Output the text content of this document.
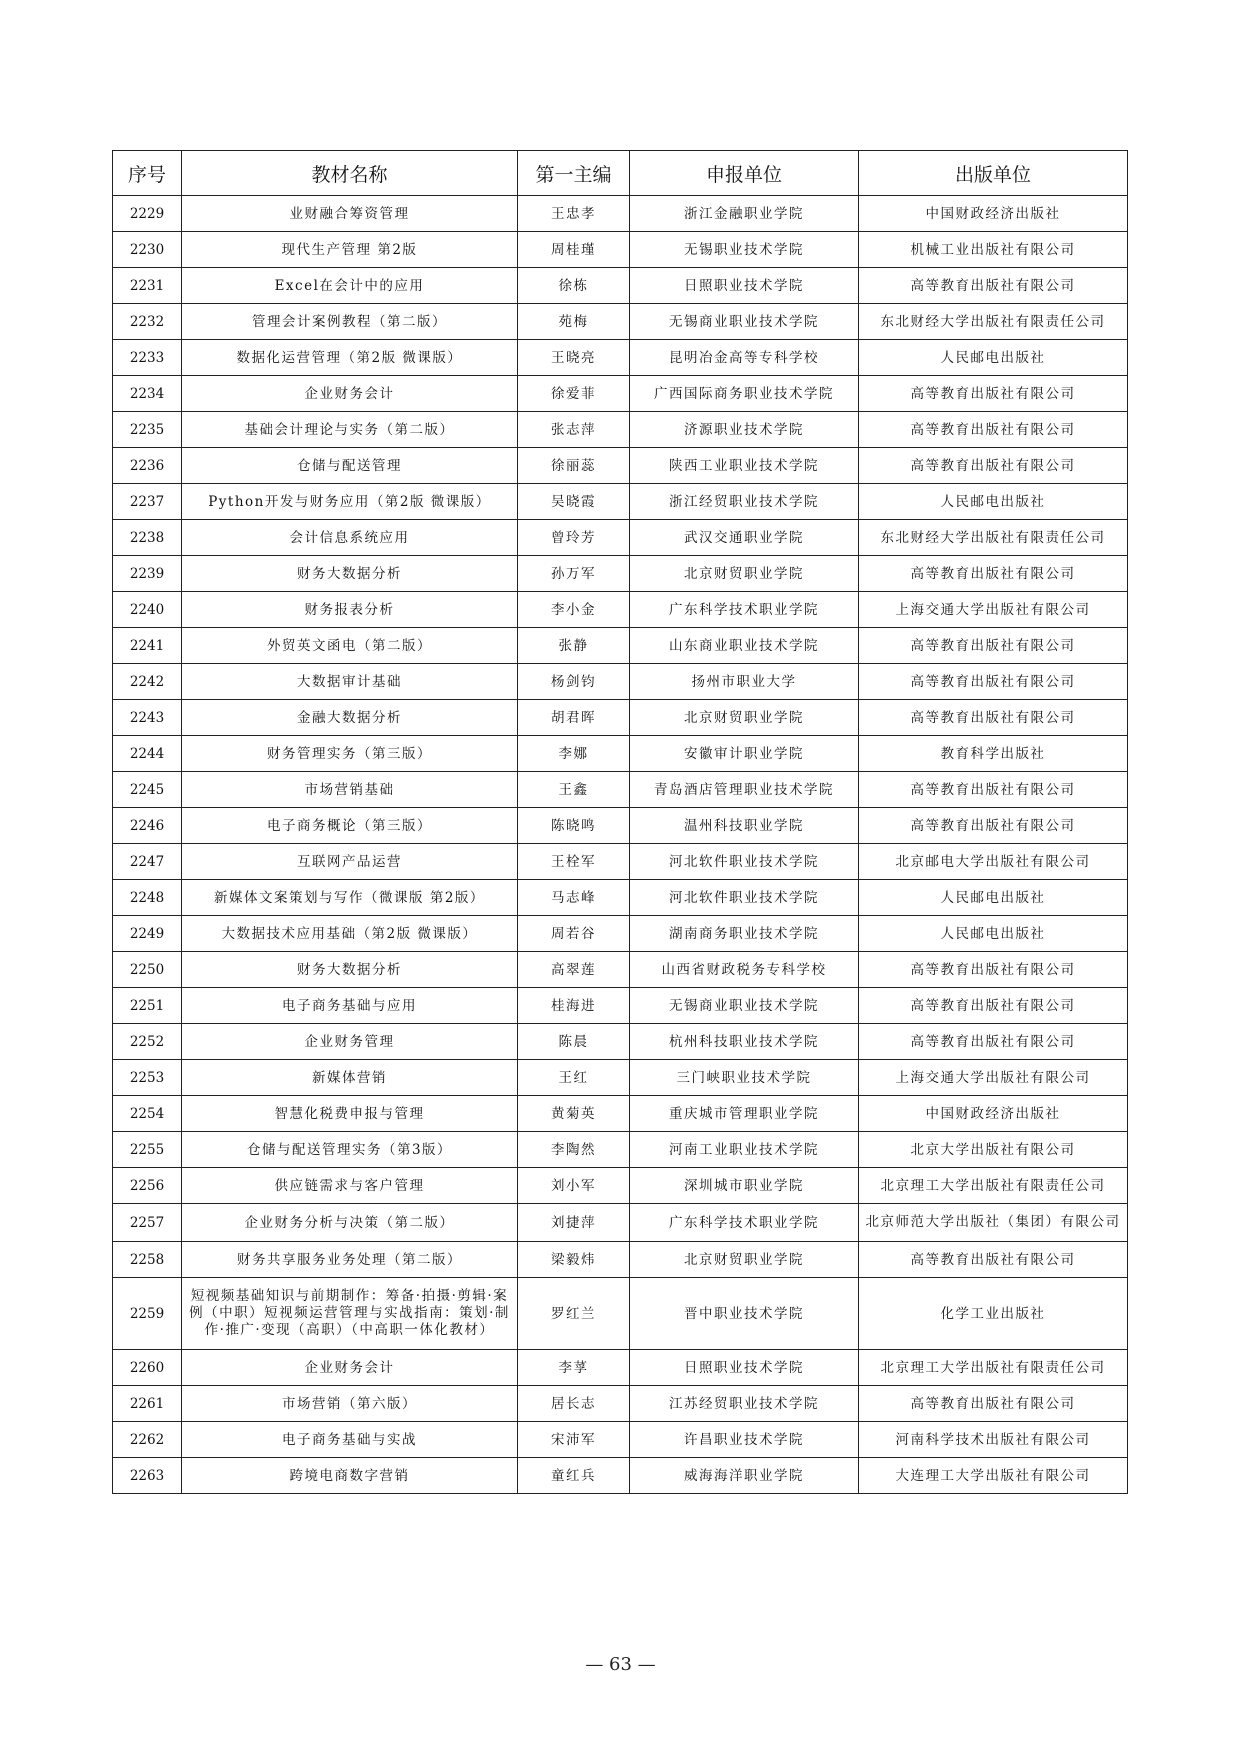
序号	教材名称	第一主编	申报单位	出版单位
2229	业财融合筹资管理	王忠孝	浙江金融职业学院	中国财政经济出版社
2230	现代生产管理 第2版	周桂瑾	无锡职业技术学院	机械工业出版社有限公司
2231	Excel在会计中的应用	徐栋	日照职业技术学院	高等教育出版社有限公司
2232	管理会计案例教程（第二版）	苑梅	无锡商业职业技术学院	东北财经大学出版社有限责任公司
2233	数据化运营管理（第2版 微课版）	王晓亮	昆明冶金高等专科学校	人民邮电出版社
2234	企业财务会计	徐爱菲	广西国际商务职业技术学院	高等教育出版社有限公司
2235	基础会计理论与实务（第二版）	张志萍	济源职业技术学院	高等教育出版社有限公司
2236	仓储与配送管理	徐丽蕊	陕西工业职业技术学院	高等教育出版社有限公司
2237	Python开发与财务应用（第2版 微课版）	吴晓霞	浙江经贸职业技术学院	人民邮电出版社
2238	会计信息系统应用	曾玲芳	武汉交通职业学院	东北财经大学出版社有限责任公司
2239	财务大数据分析	孙万军	北京财贸职业学院	高等教育出版社有限公司
2240	财务报表分析	李小金	广东科学技术职业学院	上海交通大学出版社有限公司
2241	外贸英文函电（第二版）	张静	山东商业职业技术学院	高等教育出版社有限公司
2242	大数据审计基础	杨剑钧	扬州市职业大学	高等教育出版社有限公司
2243	金融大数据分析	胡君晖	北京财贸职业学院	高等教育出版社有限公司
2244	财务管理实务（第三版）	李娜	安徽审计职业学院	教育科学出版社
2245	市场营销基础	王鑫	青岛酒店管理职业技术学院	高等教育出版社有限公司
2246	电子商务概论（第三版）	陈晓鸣	温州科技职业学院	高等教育出版社有限公司
2247	互联网产品运营	王栓军	河北软件职业技术学院	北京邮电大学出版社有限公司
2248	新媒体文案策划与写作（微课版 第2版）	马志峰	河北软件职业技术学院	人民邮电出版社
2249	大数据技术应用基础（第2版 微课版）	周若谷	湖南商务职业技术学院	人民邮电出版社
2250	财务大数据分析	高翠莲	山西省财政税务专科学校	高等教育出版社有限公司
2251	电子商务基础与应用	桂海进	无锡商业职业技术学院	高等教育出版社有限公司
2252	企业财务管理	陈晨	杭州科技职业技术学院	高等教育出版社有限公司
2253	新媒体营销	王红	三门峡职业技术学院	上海交通大学出版社有限公司
2254	智慧化税费申报与管理	黄菊英	重庆城市管理职业学院	中国财政经济出版社
2255	仓储与配送管理实务（第3版）	李陶然	河南工业职业技术学院	北京大学出版社有限公司
2256	供应链需求与客户管理	刘小军	深圳城市职业学院	北京理工大学出版社有限责任公司
2257	企业财务分析与决策（第二版）	刘捷萍	广东科学技术职业学院	北京师范大学出版社（集团）有限公司
2258	财务共享服务业务处理（第二版）	梁毅炜	北京财贸职业学院	高等教育出版社有限公司
2259	短视频基础知识与前期制作：筹备·拍摄·剪辑·案例（中职）短视频运营管理与实战指南：策划·制作·推广·变现（高职）（中高职一体化教材）	罗红兰	晋中职业技术学院	化学工业出版社
2260	企业财务会计	李莩	日照职业技术学院	北京理工大学出版社有限责任公司
2261	市场营销（第六版）	居长志	江苏经贸职业技术学院	高等教育出版社有限公司
2262	电子商务基础与实战	宋沛军	许昌职业技术学院	河南科学技术出版社有限公司
2263	跨境电商数字营销	童红兵	威海海洋职业学院	大连理工大学出版社有限公司
— 63 —
